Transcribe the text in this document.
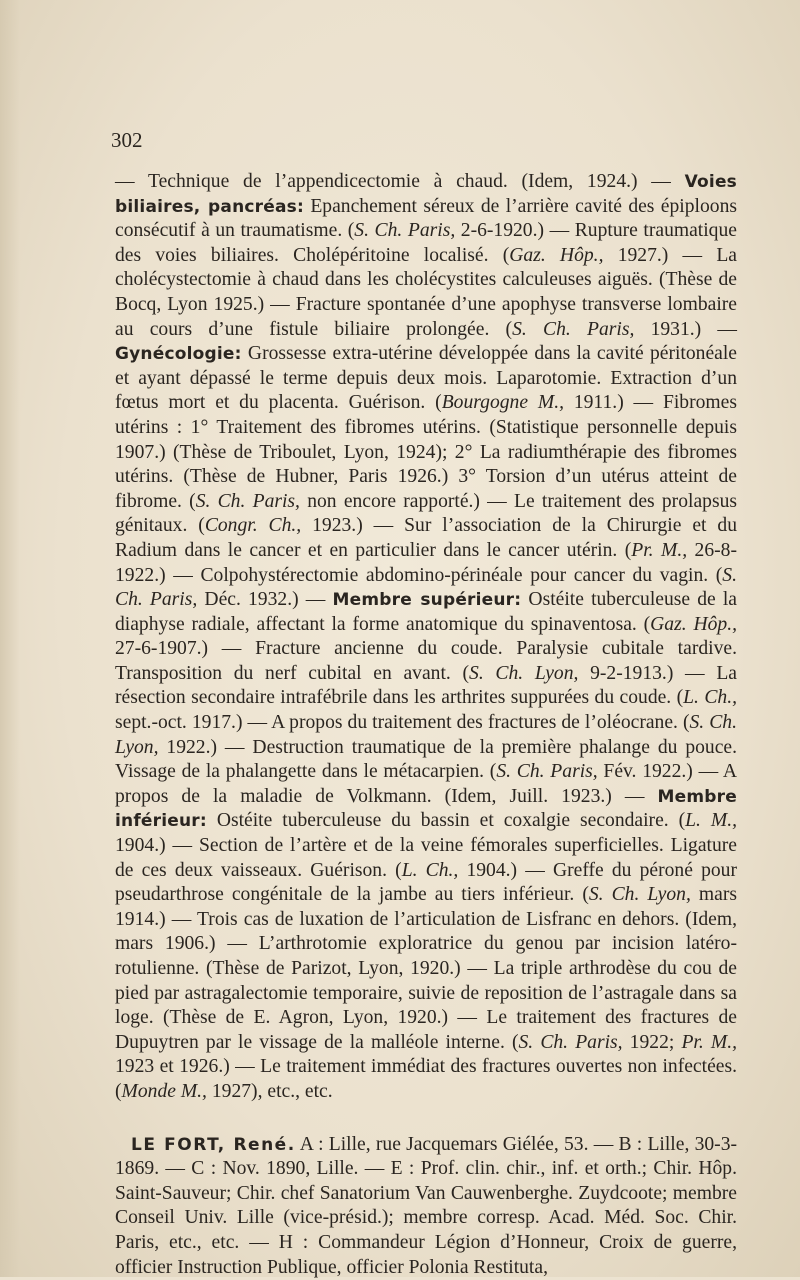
302

— Technique de l’appendicectomie à chaud. (Idem, 1924.) — Voies biliaires, pancréas: Epanchement séreux de l’arrière cavité des épiploons consécutif à un traumatisme. (S. Ch. Paris, 2-6-1920.) — Rupture traumatique des voies biliaires. Cholépéritoine localisé. (Gaz. Hôp., 1927.) — La cholécystectomie à chaud dans les cholécystites calculeuses aiguës. (Thèse de Bocq, Lyon 1925.) — Fracture spontanée d’une apophyse transverse lombaire au cours d’une fistule biliaire prolongée. (S. Ch. Paris, 1931.) — Gynécologie: Grossesse extra-utérine développée dans la cavité péritonéale et ayant dépassé le terme depuis deux mois. Laparotomie. Extraction d’un fœtus mort et du placenta. Guérison. (Bourgogne M., 1911.) — Fibromes utérins : 1° Traitement des fibromes utérins. (Statistique personnelle depuis 1907.) (Thèse de Triboulet, Lyon, 1924); 2° La radiumthérapie des fibromes utérins. (Thèse de Hubner, Paris 1926.) 3° Torsion d’un utérus atteint de fibrome. (S. Ch. Paris, non encore rapporté.) — Le traitement des prolapsus génitaux. (Congr. Ch., 1923.) — Sur l’association de la Chirurgie et du Radium dans le cancer et en particulier dans le cancer utérin. (Pr. M., 26-8-1922.) — Colpohystérectomie abdomino-périnéale pour cancer du vagin. (S. Ch. Paris, Déc. 1932.) — Membre supérieur: Ostéite tuberculeuse de la diaphyse radiale, affectant la forme anatomique du spinaventosa. (Gaz. Hôp., 27-6-1907.) — Fracture ancienne du coude. Paralysie cubitale tardive. Transposition du nerf cubital en avant. (S. Ch. Lyon, 9-2-1913.) — La résection secondaire intrafébrile dans les arthrites suppurées du coude. (L. Ch., sept.-oct. 1917.) — A propos du traitement des fractures de l’oléocrane. (S. Ch. Lyon, 1922.) — Destruction traumatique de la première phalange du pouce. Vissage de la phalangette dans le métacarpien. (S. Ch. Paris, Fév. 1922.) — A propos de la maladie de Volkmann. (Idem, Juill. 1923.) — Membre inférieur: Ostéite tuberculeuse du bassin et coxalgie secondaire. (L. M., 1904.) — Section de l’artère et de la veine fémorales superficielles. Ligature de ces deux vaisseaux. Guérison. (L. Ch., 1904.) — Greffe du péroné pour pseudarthrose congénitale de la jambe au tiers inférieur. (S. Ch. Lyon, mars 1914.) — Trois cas de luxation de l’articulation de Lisfranc en dehors. (Idem, mars 1906.) — L’arthrotomie exploratrice du genou par incision latéro-rotulienne. (Thèse de Parizot, Lyon, 1920.) — La triple arthrodèse du cou de pied par astragalectomie temporaire, suivie de reposition de l’astragale dans sa loge. (Thèse de E. Agron, Lyon, 1920.) — Le traitement des fractures de Dupuytren par le vissage de la malléole interne. (S. Ch. Paris, 1922; Pr. M., 1923 et 1926.) — Le traitement immédiat des fractures ouvertes non infectées. (Monde M., 1927), etc., etc.

LE FORT, René. A : Lille, rue Jacquemars Giélée, 53. — B : Lille, 30-3-1869. — C : Nov. 1890, Lille. — E : Prof. clin. chir., inf. et orth.; Chir. Hôp. Saint-Sauveur; Chir. chef Sanatorium Van Cauwenberghe. Zuydcoote; membre Conseil Univ. Lille (vice-présid.); membre corresp. Acad. Méd. Soc. Chir. Paris, etc., etc. — H : Commandeur Légion d’Honneur, Croix de guerre, officier Instruction Publique, officier Polonia Restituta,
